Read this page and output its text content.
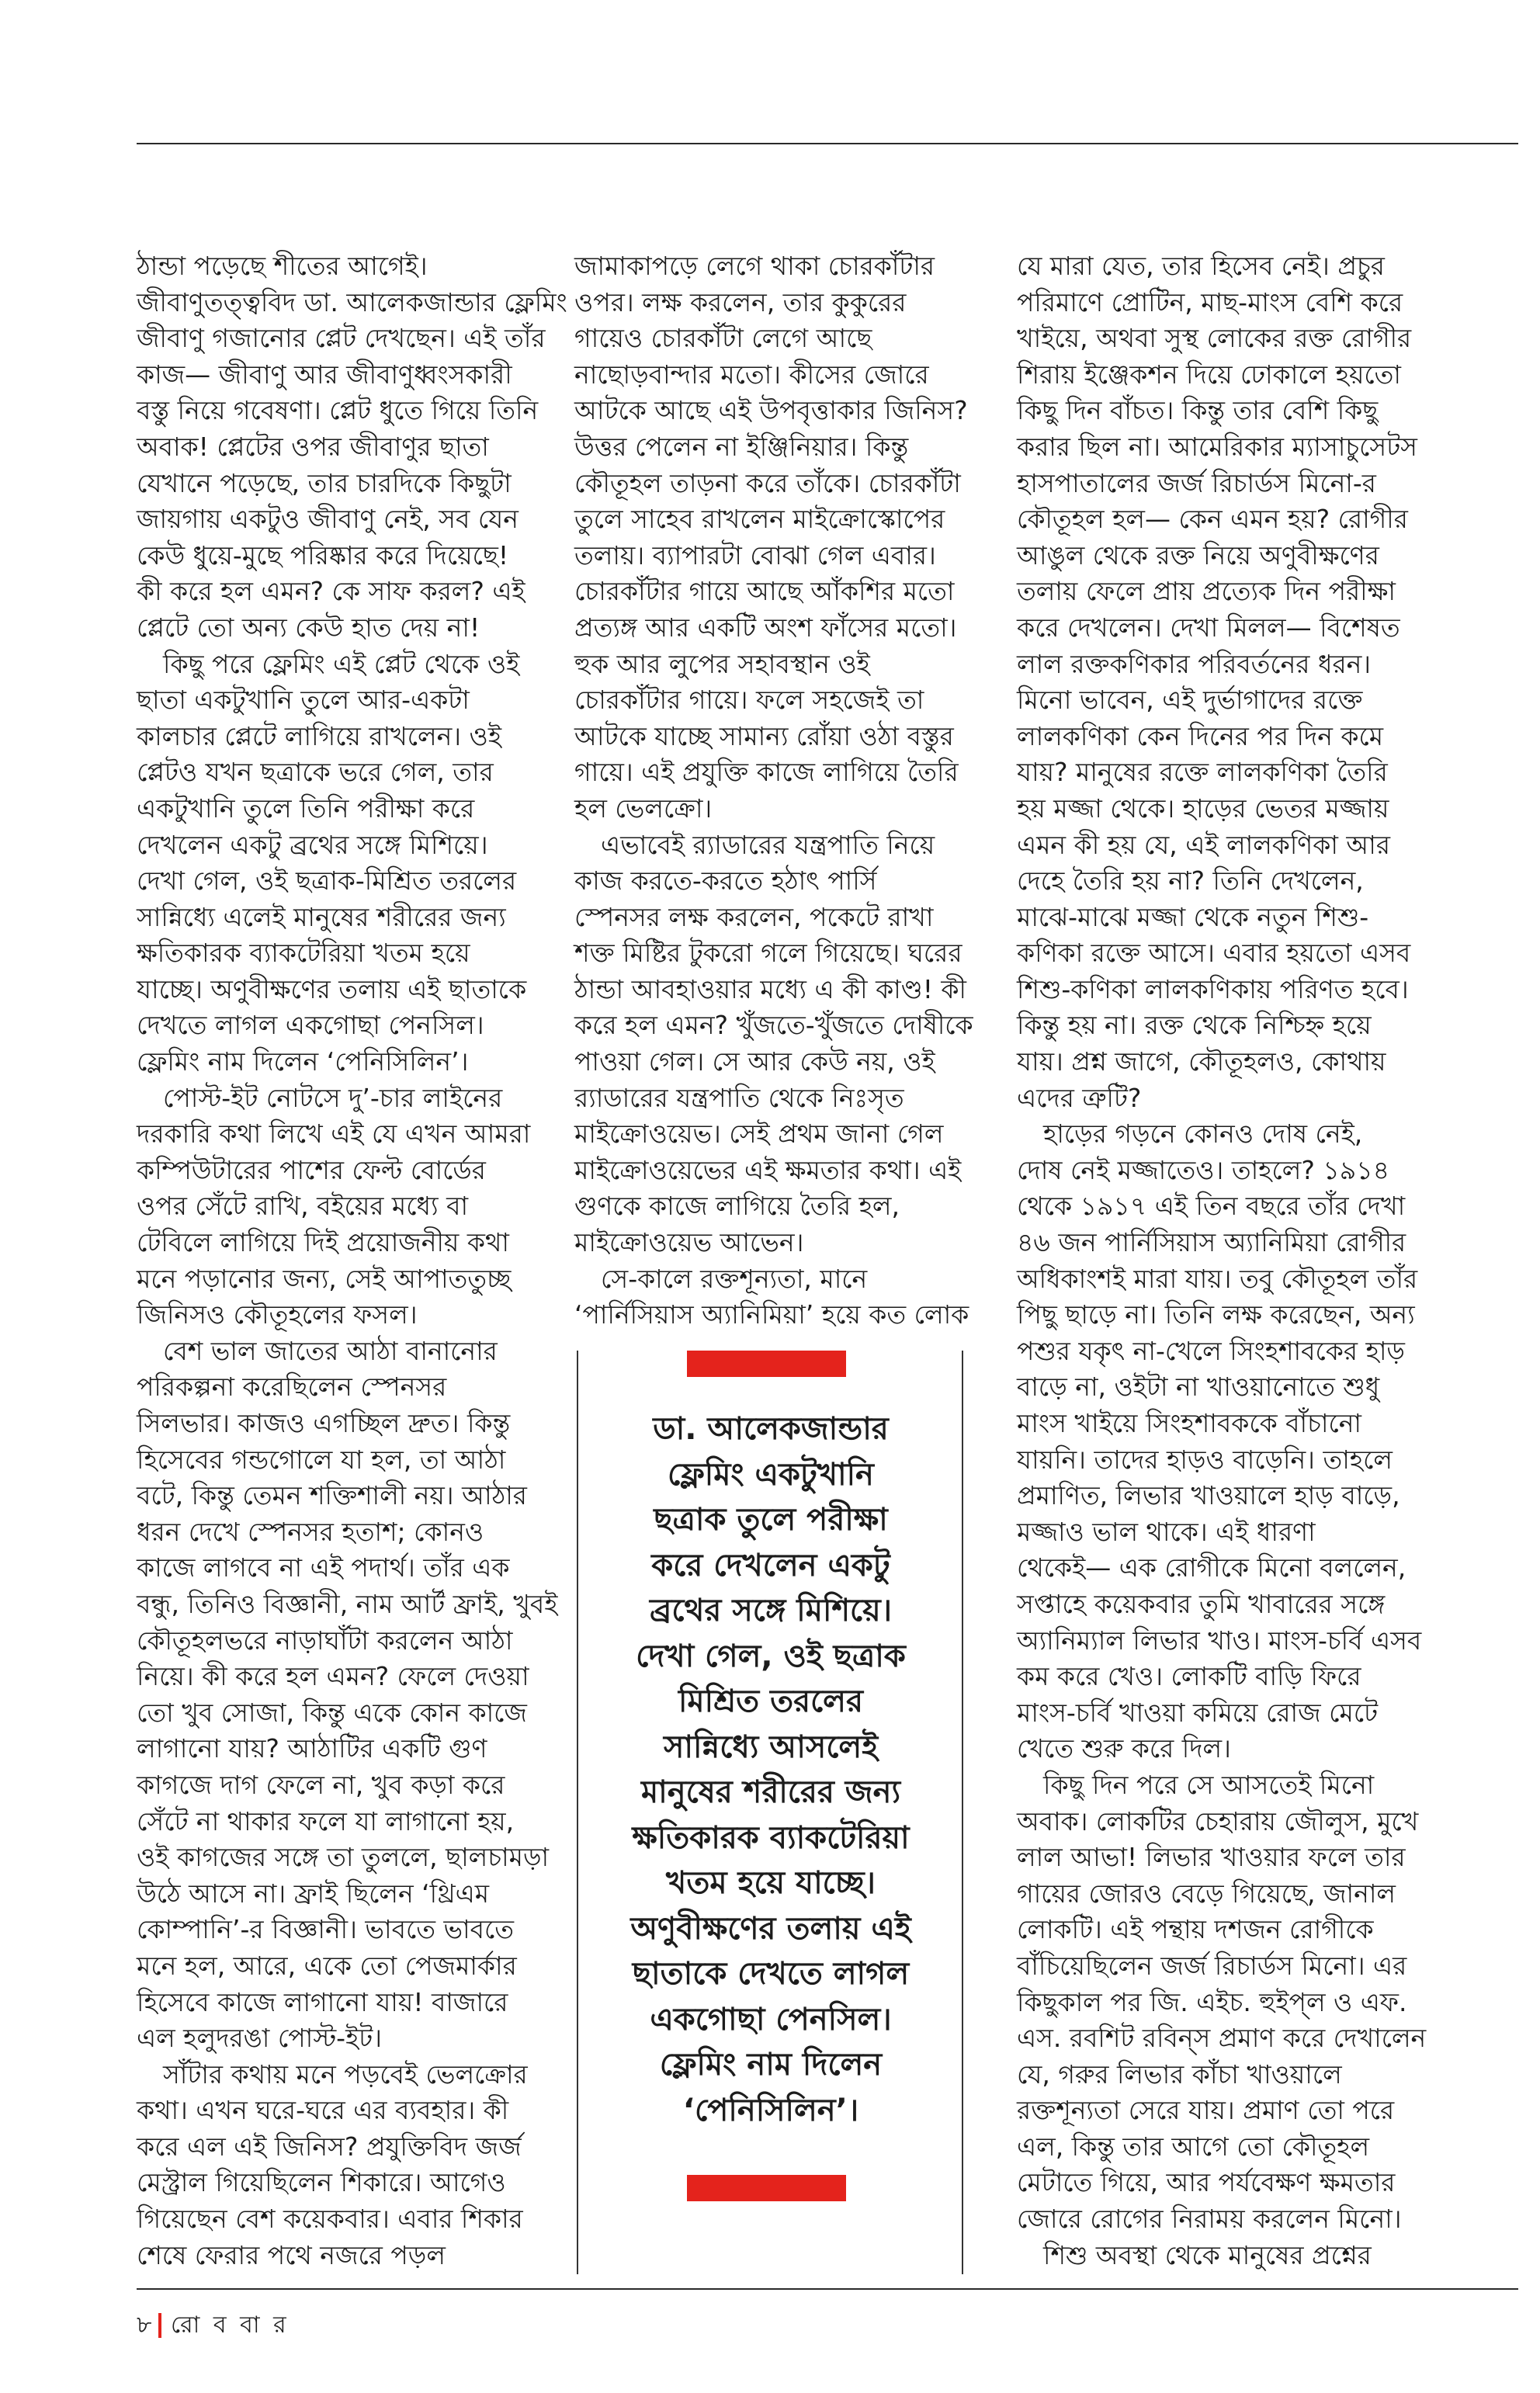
ঠান্ডা পড়েছে শীতের আগেই।
জীবাণুতত্ত্ববিদ ডা. আলেকজান্ডার ফ্লেমিং
জীবাণু গজানোর প্লেট দেখছেন। এই তাঁর
কাজ— জীবাণু আর জীবাণুধ্বংসকারী
বস্তু নিয়ে গবেষণা। প্লেট ধুতে গিয়ে তিনি
অবাক! প্লেটের ওপর জীবাণুর ছাতা
যেখানে পড়েছে, তার চারদিকে কিছুটা
জায়গায় একটুও জীবাণু নেই, সব যেন
কেউ ধুয়ে-মুছে পরিষ্কার করে দিয়েছে!
কী করে হল এমন? কে সাফ করল? এই
প্লেটে তো অন্য কেউ হাত দেয় না!
কিছু পরে ফ্লেমিং এই প্লেট থেকে ওই
ছাতা একটুখানি তুলে আর-একটা
কালচার প্লেটে লাগিয়ে রাখলেন। ওই
প্লেটও যখন ছত্রাকে ভরে গেল, তার
একটুখানি তুলে তিনি পরীক্ষা করে
দেখলেন একটু ব্রথের সঙ্গে মিশিয়ে।
দেখা গেল, ওই ছত্রাক-মিশ্রিত তরলের
সান্নিধ্যে এলেই মানুষের শরীরের জন্য
ক্ষতিকারক ব্যাকটেরিয়া খতম হয়ে
যাচ্ছে। অণুবীক্ষণের তলায় এই ছাতাকে
দেখতে লাগল একগোছা পেনসিল।
ফ্লেমিং নাম দিলেন ‘পেনিসিলিন’।
পোস্ট-ইট নোটসে দু’-চার লাইনের
দরকারি কথা লিখে এই যে এখন আমরা
কম্পিউটারের পাশের ফেল্ট বোর্ডের
ওপর সেঁটে রাখি, বইয়ের মধ্যে বা
টেবিলে লাগিয়ে দিই প্রয়োজনীয় কথা
মনে পড়ানোর জন্য, সেই আপাততুচ্ছ
জিনিসও কৌতূহলের ফসল।
বেশ ভাল জাতের আঠা বানানোর
পরিকল্পনা করেছিলেন স্পেনসর
সিলভার। কাজও এগচ্ছিল দ্রুত। কিন্তু
হিসেবের গন্ডগোলে যা হল, তা আঠা
বটে, কিন্তু তেমন শক্তিশালী নয়। আঠার
ধরন দেখে স্পেনসর হতাশ; কোনও
কাজে লাগবে না এই পদার্থ। তাঁর এক
বন্ধু, তিনিও বিজ্ঞানী, নাম আর্ট ফ্রাই, খুবই
কৌতূহলভরে নাড়াঘাঁটা করলেন আঠা
নিয়ে। কী করে হল এমন? ফেলে দেওয়া
তো খুব সোজা, কিন্তু একে কোন কাজে
লাগানো যায়? আঠাটির একটি গুণ
কাগজে দাগ ফেলে না, খুব কড়া করে
সেঁটে না থাকার ফলে যা লাগানো হয়,
ওই কাগজের সঙ্গে তা তুললে, ছালচামড়া
উঠে আসে না। ফ্রাই ছিলেন ‘থ্রিএম
কোম্পানি’-র বিজ্ঞানী। ভাবতে ভাবতে
মনে হল, আরে, একে তো পেজমার্কার
হিসেবে কাজে লাগানো যায়! বাজারে
এল হলুদরঙা পোস্ট-ইট।
সাঁটার কথায় মনে পড়বেই ভেলক্রোর
কথা। এখন ঘরে-ঘরে এর ব্যবহার। কী
করে এল এই জিনিস? প্রযুক্তিবিদ জর্জ
মেস্ট্রাল গিয়েছিলেন শিকারে। আগেও
গিয়েছেন বেশ কয়েকবার। এবার শিকার
শেষে ফেরার পথে নজরে পড়ল
জামাকাপড়ে লেগে থাকা চোরকাঁটার
ওপর। লক্ষ করলেন, তার কুকুরের
গায়েও চোরকাঁটা লেগে আছে
নাছোড়বান্দার মতো। কীসের জোরে
আটকে আছে এই উপবৃত্তাকার জিনিস?
উত্তর পেলেন না ইঞ্জিনিয়ার। কিন্তু
কৌতূহল তাড়না করে তাঁকে। চোরকাঁটা
তুলে সাহেব রাখলেন মাইক্রোস্কোপের
তলায়। ব্যাপারটা বোঝা গেল এবার।
চোরকাঁটার গায়ে আছে আঁকশির মতো
প্রত্যঙ্গ আর একটি অংশ ফাঁসের মতো।
হুক আর লুপের সহাবস্থান ওই
চোরকাঁটার গায়ে। ফলে সহজেই তা
আটকে যাচ্ছে সামান্য রোঁয়া ওঠা বস্তুর
গায়ে। এই প্রযুক্তি কাজে লাগিয়ে তৈরি
হল ভেলক্রো।
এভাবেই র‍্যাডারের যন্ত্রপাতি নিয়ে
কাজ করতে-করতে হঠাৎ পার্সি
স্পেনসর লক্ষ করলেন, পকেটে রাখা
শক্ত মিষ্টির টুকরো গলে গিয়েছে। ঘরের
ঠান্ডা আবহাওয়ার মধ্যে এ কী কাণ্ড! কী
করে হল এমন? খুঁজতে-খুঁজতে দোষীকে
পাওয়া গেল। সে আর কেউ নয়, ওই
র‍্যাডারের যন্ত্রপাতি থেকে নিঃসৃত
মাইক্রোওয়েভ। সেই প্রথম জানা গেল
মাইক্রোওয়েভের এই ক্ষমতার কথা। এই
গুণকে কাজে লাগিয়ে তৈরি হল,
মাইক্রোওয়েভ আভেন।
সে-কালে রক্তশূন্যতা, মানে
‘পার্নিসিয়াস অ্যানিমিয়া’ হয়ে কত লোক
যে মারা যেত, তার হিসেব নেই। প্রচুর
পরিমাণে প্রোটিন, মাছ-মাংস বেশি করে
খাইয়ে, অথবা সুস্থ লোকের রক্ত রোগীর
শিরায় ইঞ্জেকশন দিয়ে ঢোকালে হয়তো
কিছু দিন বাঁচত। কিন্তু তার বেশি কিছু
করার ছিল না। আমেরিকার ম্যাসাচুসেটস
হাসপাতালের জর্জ রিচার্ডস মিনো-র
কৌতূহল হল— কেন এমন হয়? রোগীর
আঙুল থেকে রক্ত নিয়ে অণুবীক্ষণের
তলায় ফেলে প্রায় প্রত্যেক দিন পরীক্ষা
করে দেখলেন। দেখা মিলল— বিশেষত
লাল রক্তকণিকার পরিবর্তনের ধরন।
মিনো ভাবেন, এই দুর্ভাগাদের রক্তে
লালকণিকা কেন দিনের পর দিন কমে
যায়? মানুষের রক্তে লালকণিকা তৈরি
হয় মজ্জা থেকে। হাড়ের ভেতর মজ্জায়
এমন কী হয় যে, এই লালকণিকা আর
দেহে তৈরি হয় না? তিনি দেখলেন,
মাঝে-মাঝে মজ্জা থেকে নতুন শিশু-
কণিকা রক্তে আসে। এবার হয়তো এসব
শিশু-কণিকা লালকণিকায় পরিণত হবে।
কিন্তু হয় না। রক্ত থেকে নিশ্চিহ্ন হয়ে
যায়। প্রশ্ন জাগে, কৌতূহলও, কোথায়
এদের ত্রুটি?
হাড়ের গড়নে কোনও দোষ নেই,
দোষ নেই মজ্জাতেও। তাহলে? ১৯১৪
থেকে ১৯১৭ এই তিন বছরে তাঁর দেখা
৪৬ জন পার্নিসিয়াস অ্যানিমিয়া রোগীর
অধিকাংশই মারা যায়। তবু কৌতূহল তাঁর
পিছু ছাড়ে না। তিনি লক্ষ করেছেন, অন্য
পশুর যকৃৎ না-খেলে সিংহশাবকের হাড়
বাড়ে না, ওইটা না খাওয়ানোতে শুধু
মাংস খাইয়ে সিংহশাবককে বাঁচানো
যায়নি। তাদের হাড়ও বাড়েনি। তাহলে
প্রমাণিত, লিভার খাওয়ালে হাড় বাড়ে,
মজ্জাও ভাল থাকে। এই ধারণা
থেকেই— এক রোগীকে মিনো বললেন,
সপ্তাহে কয়েকবার তুমি খাবারের সঙ্গে
অ্যানিম্যাল লিভার খাও। মাংস-চর্বি এসব
কম করে খেও। লোকটি বাড়ি ফিরে
মাংস-চর্বি খাওয়া কমিয়ে রোজ মেটে
খেতে শুরু করে দিল।
কিছু দিন পরে সে আসতেই মিনো
অবাক। লোকটির চেহারায় জৌলুস, মুখে
লাল আভা! লিভার খাওয়ার ফলে তার
গায়ের জোরও বেড়ে গিয়েছে, জানাল
লোকটি। এই পন্থায় দশজন রোগীকে
বাঁচিয়েছিলেন জর্জ রিচার্ডস মিনো। এর
কিছুকাল পর জি. এইচ. হুইপ্‌ল ও এফ.
এস. রবশিট রবিন্‌স প্রমাণ করে দেখালেন
যে, গরুর লিভার কাঁচা খাওয়ালে
রক্তশূন্যতা সেরে যায়। প্রমাণ তো পরে
এল, কিন্তু তার আগে তো কৌতূহল
মেটাতে গিয়ে, আর পর্যবেক্ষণ ক্ষমতার
জোরে রোগের নিরাময় করলেন মিনো।
শিশু অবস্থা থেকে মানুষের প্রশ্নের
ডা. আলেকজান্ডার
ফ্লেমিং একটুখানি
ছত্রাক তুলে পরীক্ষা
করে দেখলেন একটু
ব্রথের সঙ্গে মিশিয়ে।
দেখা গেল, ওই ছত্রাক
মিশ্রিত তরলের
সান্নিধ্যে আসলেই
মানুষের শরীরের জন্য
ক্ষতিকারক ব্যাকটেরিয়া
খতম হয়ে যাচ্ছে।
অণুবীক্ষণের তলায় এই
ছাতাকে দেখতে লাগল
একগোছা পেনসিল।
ফ্লেমিং নাম দিলেন
‘পেনিসিলিন’।
৮ রো ব বা র
